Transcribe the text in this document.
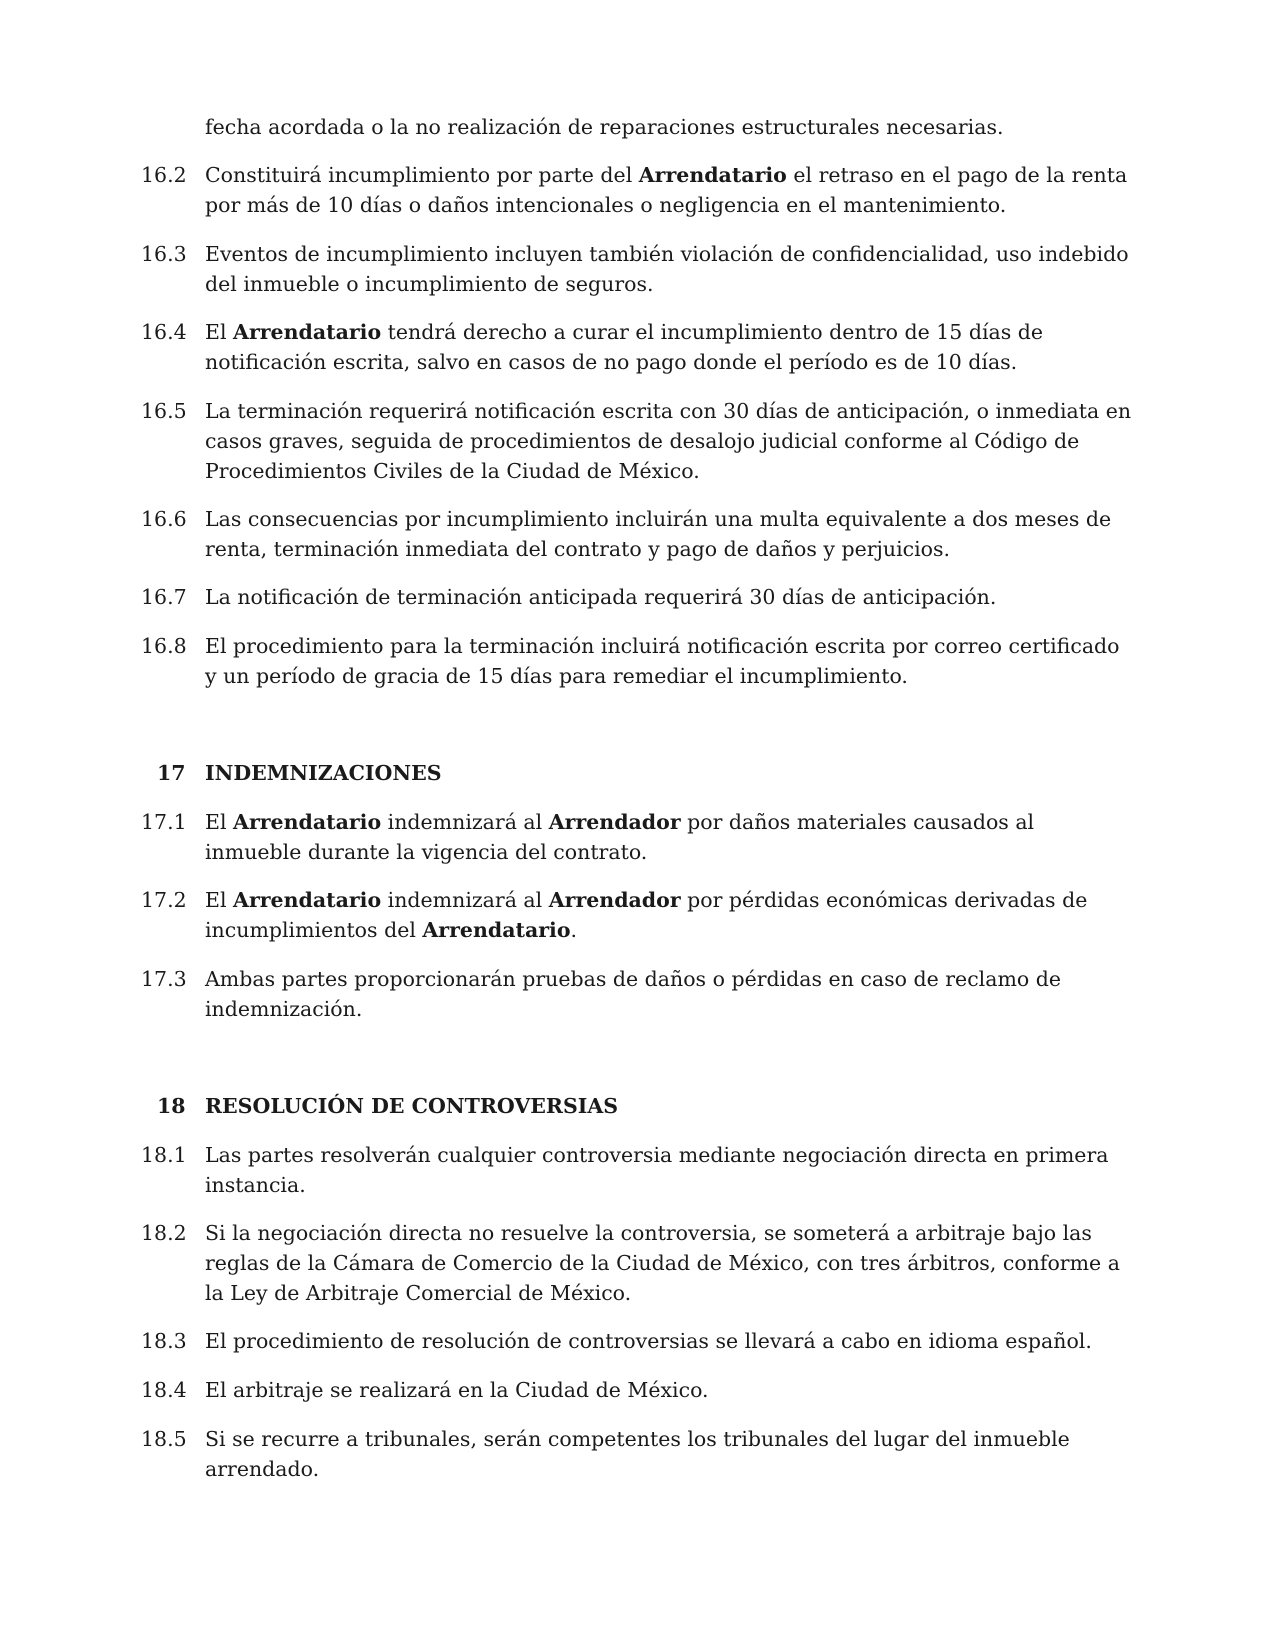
fecha acordada o la no realización de reparaciones estructurales necesarias.
16.2 Constituirá incumplimiento por parte del Arrendatario el retraso en el pago de la renta por más de 10 días o daños intencionales o negligencia en el mantenimiento.
16.3 Eventos de incumplimiento incluyen también violación de confidencialidad, uso indebido del inmueble o incumplimiento de seguros.
16.4 El Arrendatario tendrá derecho a curar el incumplimiento dentro de 15 días de notificación escrita, salvo en casos de no pago donde el período es de 10 días.
16.5 La terminación requerirá notificación escrita con 30 días de anticipación, o inmediata en casos graves, seguida de procedimientos de desalojo judicial conforme al Código de Procedimientos Civiles de la Ciudad de México.
16.6 Las consecuencias por incumplimiento incluirán una multa equivalente a dos meses de renta, terminación inmediata del contrato y pago de daños y perjuicios.
16.7 La notificación de terminación anticipada requerirá 30 días de anticipación.
16.8 El procedimiento para la terminación incluirá notificación escrita por correo certificado y un período de gracia de 15 días para remediar el incumplimiento.
17 INDEMNIZACIONES
17.1 El Arrendatario indemnizará al Arrendador por daños materiales causados al inmueble durante la vigencia del contrato.
17.2 El Arrendatario indemnizará al Arrendador por pérdidas económicas derivadas de incumplimientos del Arrendatario.
17.3 Ambas partes proporcionarán pruebas de daños o pérdidas en caso de reclamo de indemnización.
18 RESOLUCIÓN DE CONTROVERSIAS
18.1 Las partes resolverán cualquier controversia mediante negociación directa en primera instancia.
18.2 Si la negociación directa no resuelve la controversia, se someterá a arbitraje bajo las reglas de la Cámara de Comercio de la Ciudad de México, con tres árbitros, conforme a la Ley de Arbitraje Comercial de México.
18.3 El procedimiento de resolución de controversias se llevará a cabo en idioma español.
18.4 El arbitraje se realizará en la Ciudad de México.
18.5 Si se recurre a tribunales, serán competentes los tribunales del lugar del inmueble arrendado.
